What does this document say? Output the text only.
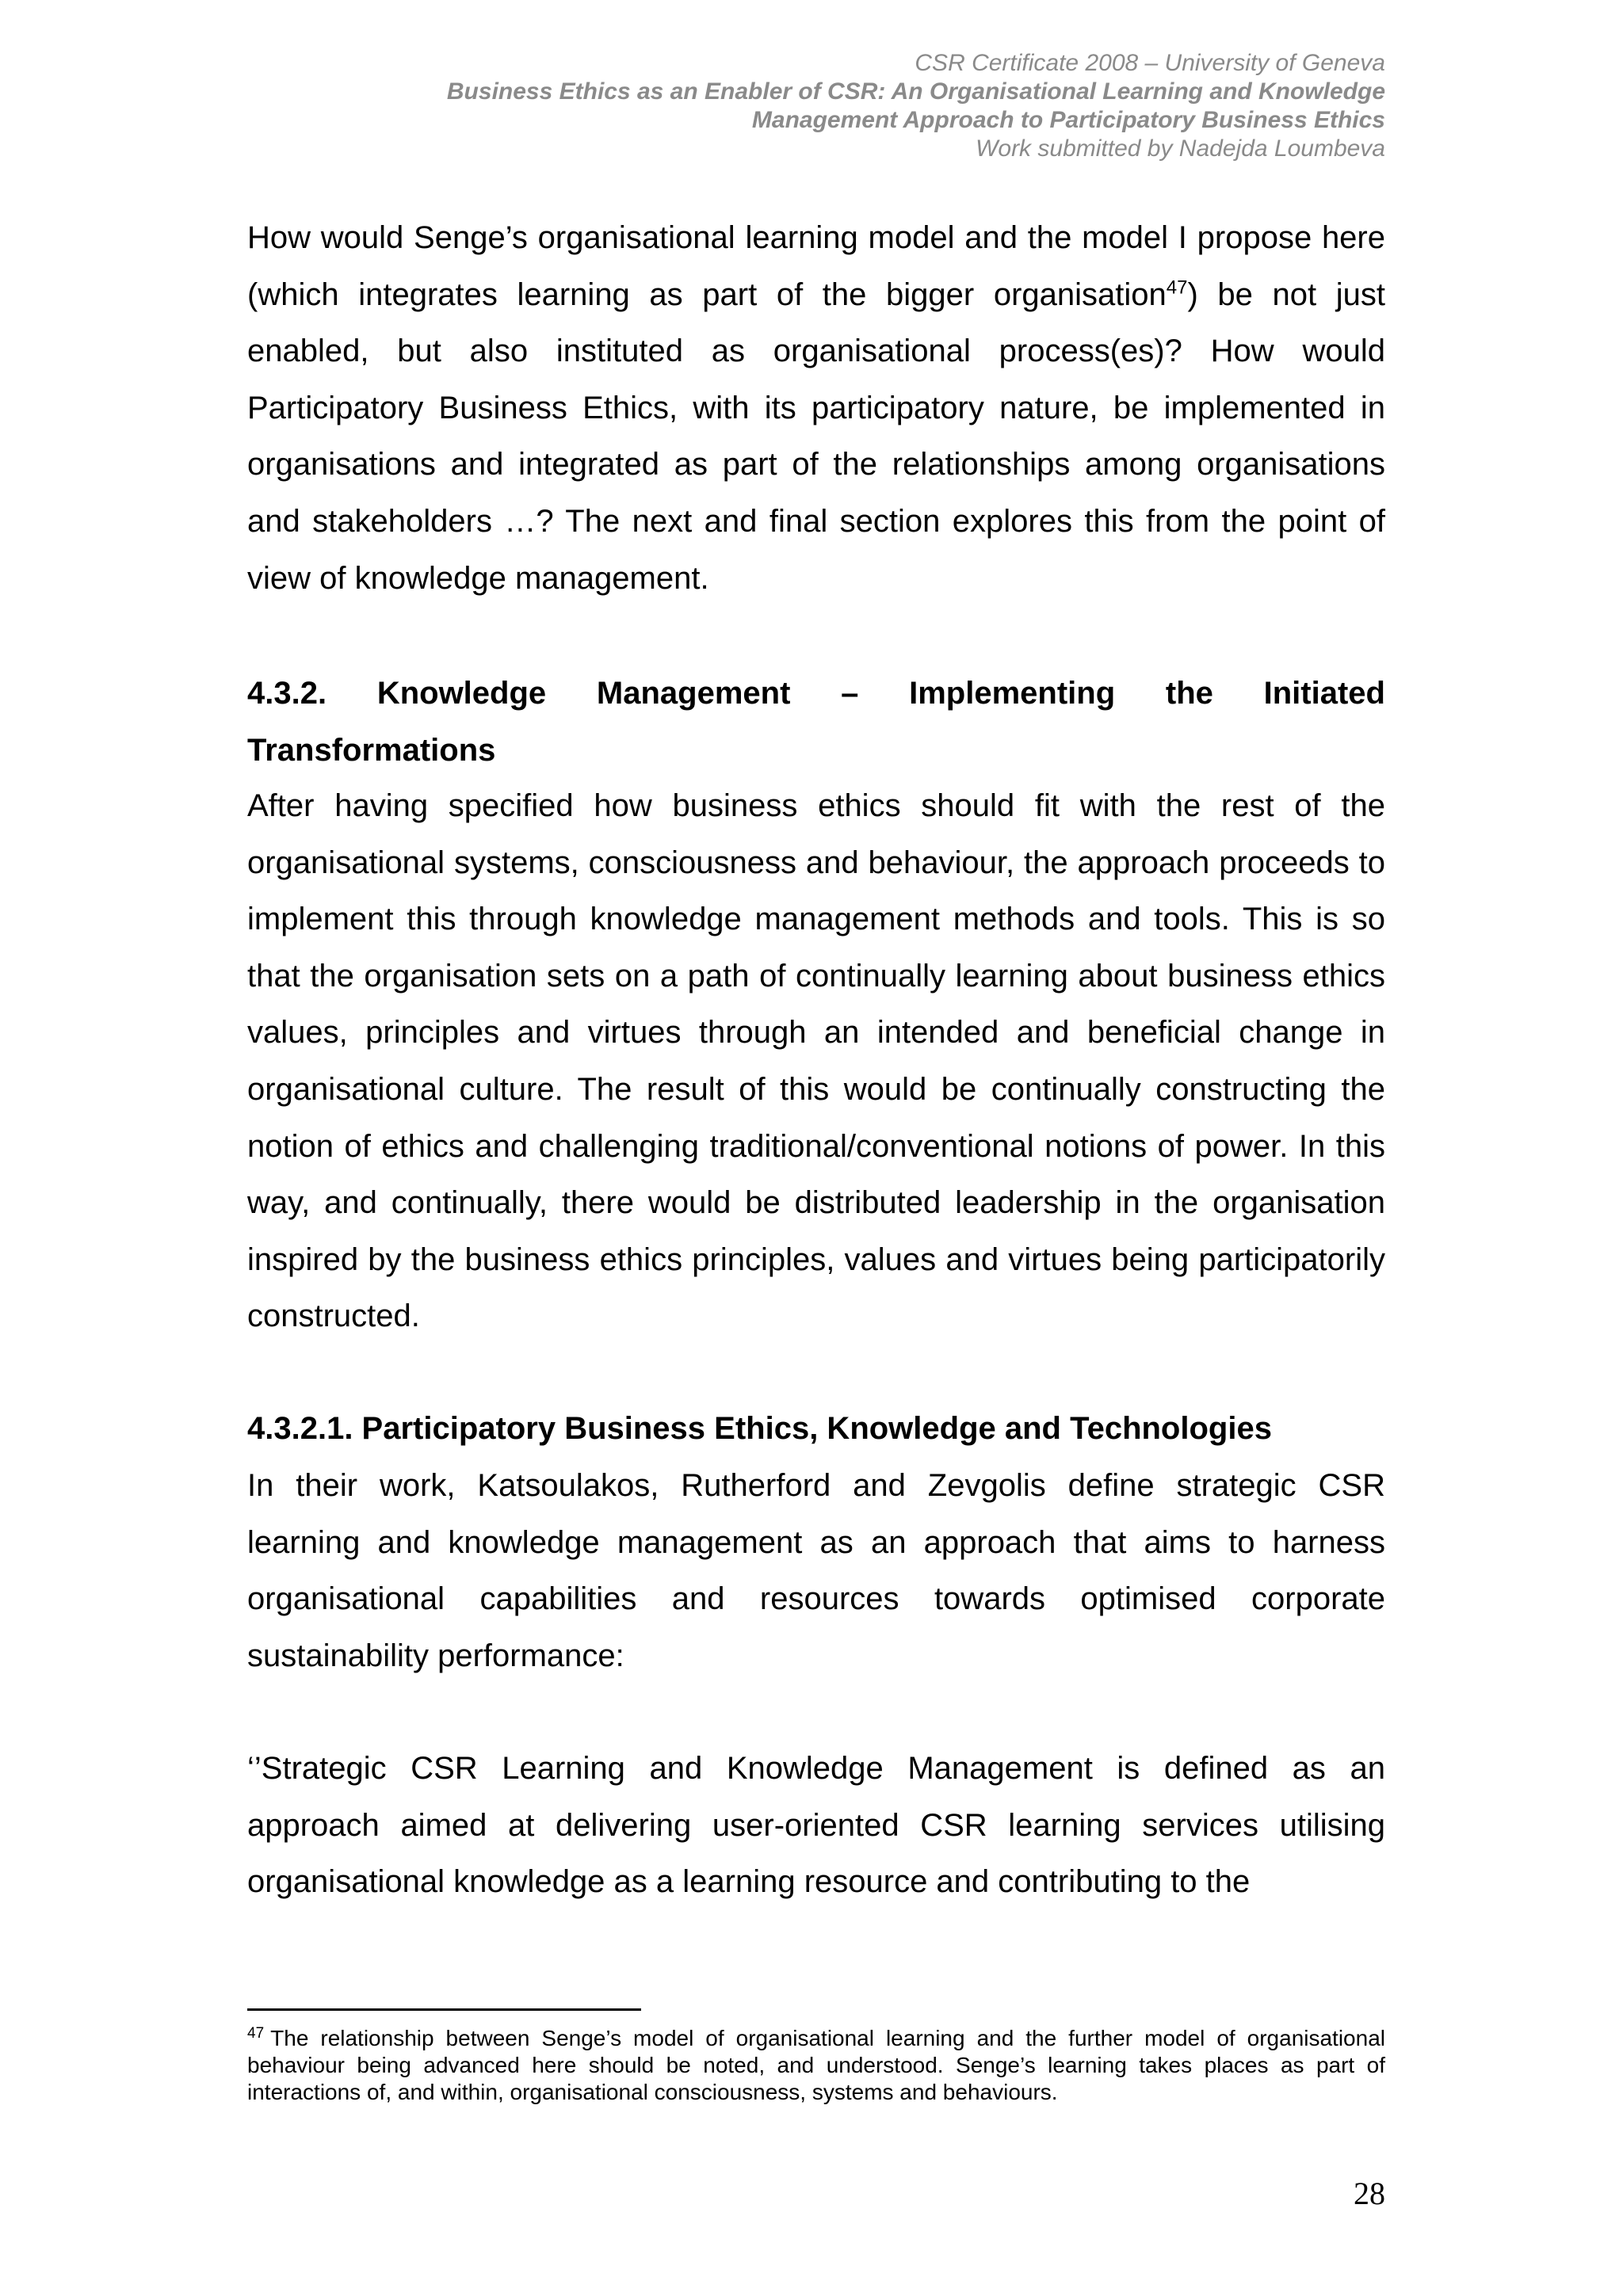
CSR Certificate 2008 – University of Geneva
Business Ethics as an Enabler of CSR: An Organisational Learning and Knowledge
Management Approach to Participatory Business Ethics
Work submitted by Nadejda Loumbeva

How would Senge’s organisational learning model and the model I propose here (which integrates learning as part of the bigger organisation$^{47}$) be not just enabled, but also instituted as organisational process(es)? How would Participatory Business Ethics, with its participatory nature, be implemented in organisations and integrated as part of the relationships among organisations and stakeholders …? The next and final section explores this from the point of view of knowledge management.

4.3.2. Knowledge Management – Implementing the Initiated
Transformations

After having specified how business ethics should fit with the rest of the organisational systems, consciousness and behaviour, the approach proceeds to implement this through knowledge management methods and tools. This is so that the organisation sets on a path of continually learning about business ethics values, principles and virtues through an intended and beneficial change in organisational culture. The result of this would be continually constructing the notion of ethics and challenging traditional/conventional notions of power. In this way, and continually, there would be distributed leadership in the organisation inspired by the business ethics principles, values and virtues being participatorily constructed.

4.3.2.1. Participatory Business Ethics, Knowledge and Technologies

In their work, Katsoulakos, Rutherford and Zevgolis define strategic CSR learning and knowledge management as an approach that aims to harness organisational capabilities and resources towards optimised corporate sustainability performance:

‘’Strategic CSR Learning and Knowledge Management is defined as an approach aimed at delivering user-oriented CSR learning services utilising organisational knowledge as a learning resource and contributing to the

$^{47}$ The relationship between Senge’s model of organisational learning and the further model of organisational behaviour being advanced here should be noted, and understood. Senge’s learning takes places as part of interactions of, and within, organisational consciousness, systems and behaviours.

28
